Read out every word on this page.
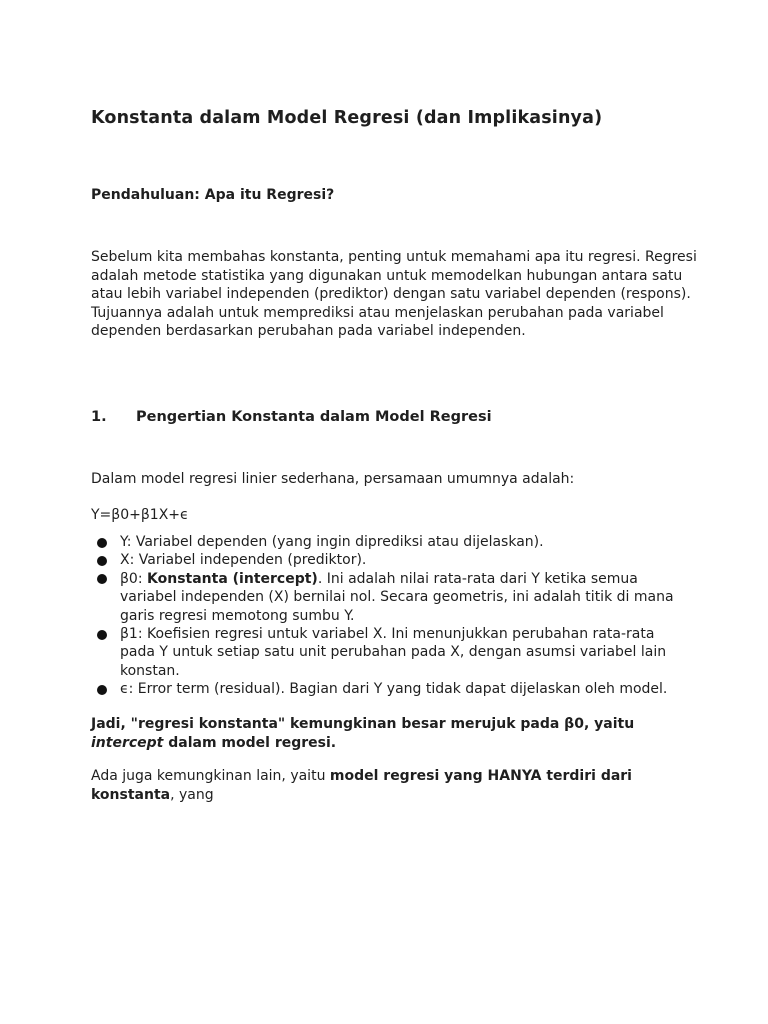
Konstanta dalam Model Regresi (dan Implikasinya)
Pendahuluan: Apa itu Regresi?

Sebelum kita membahas konstanta, penting untuk memahami apa itu regresi. Regresi adalah metode statistika yang digunakan untuk memodelkan hubungan antara satu atau lebih variabel independen (prediktor) dengan satu variabel dependen (respons). Tujuannya adalah untuk memprediksi atau menjelaskan perubahan pada variabel dependen berdasarkan perubahan pada variabel independen.

1. Pengertian Konstanta dalam Model Regresi

Dalam model regresi linier sederhana, persamaan umumnya adalah:

Y=β0+β1X+ϵ

Y: Variabel dependen (yang ingin diprediksi atau dijelaskan).
X: Variabel independen (prediktor).
β0: Konstanta (intercept). Ini adalah nilai rata-rata dari Y ketika semua variabel independen (X) bernilai nol. Secara geometris, ini adalah titik di mana garis regresi memotong sumbu Y.
β1: Koefisien regresi untuk variabel X. Ini menunjukkan perubahan rata-rata pada Y untuk setiap satu unit perubahan pada X, dengan asumsi variabel lain konstan.
ϵ: Error term (residual). Bagian dari Y yang tidak dapat dijelaskan oleh model.

Jadi, "regresi konstanta" kemungkinan besar merujuk pada β0, yaitu
intercept dalam model regresi.

Ada juga kemungkinan lain, yaitu model regresi yang HANYA terdiri dari konstanta, yang
